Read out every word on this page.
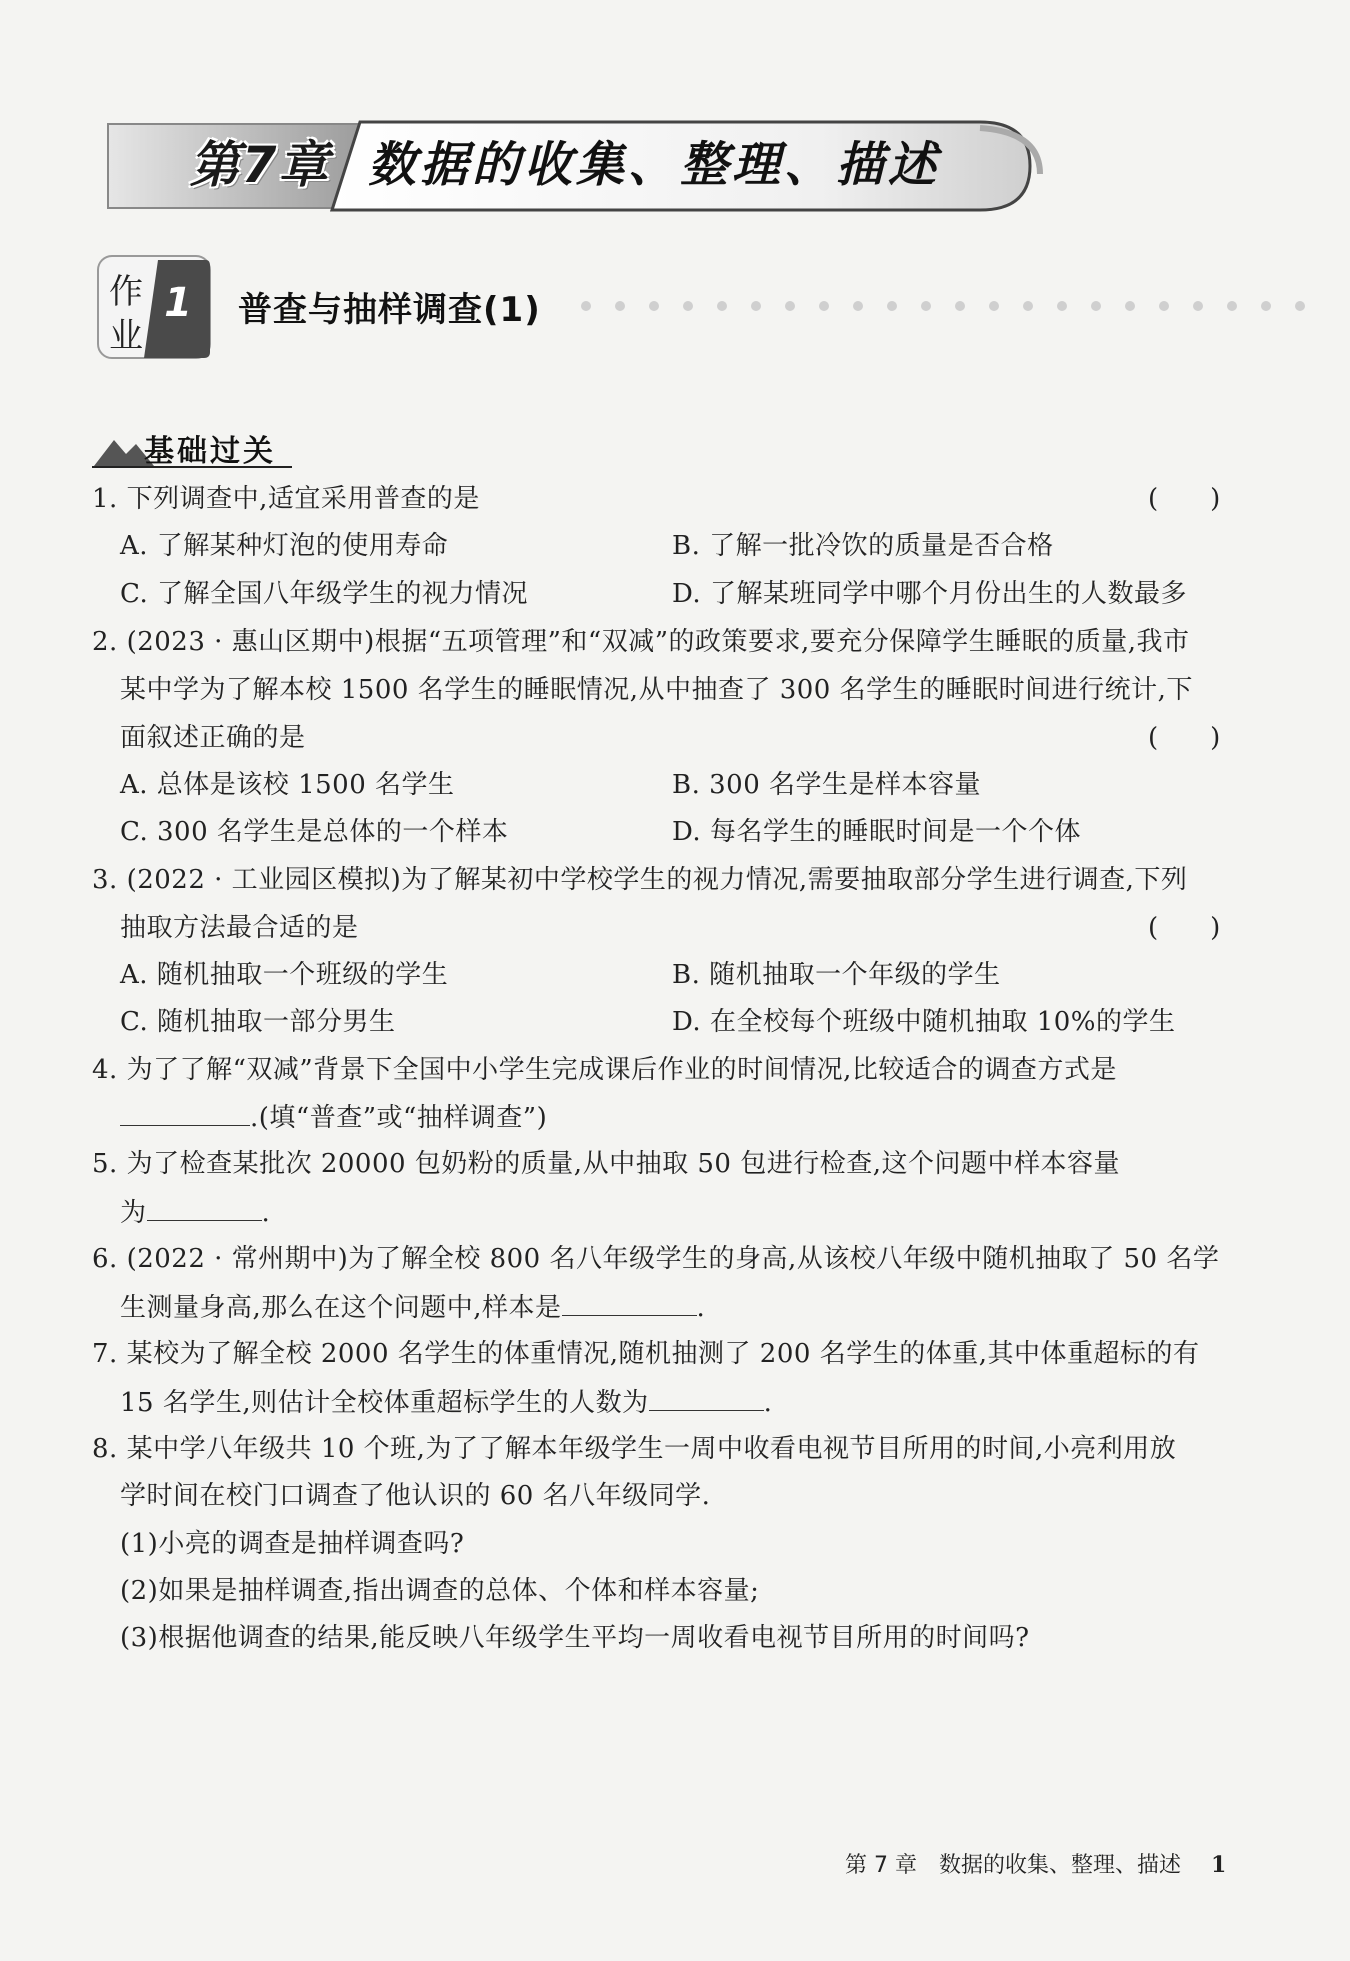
第7章 数据的收集、整理、描述
作
业
1 普查与抽样调查(1)
基础过关
1. 下列调查中,适宜采用普查的是	(　　)
A. 了解某种灯泡的使用寿命	B. 了解一批冷饮的质量是否合格
C. 了解全国八年级学生的视力情况	D. 了解某班同学中哪个月份出生的人数最多
2. (2023 · 惠山区期中)根据“五项管理”和“双减”的政策要求,要充分保障学生睡眠的质量,我市
某中学为了解本校 1500 名学生的睡眠情况,从中抽查了 300 名学生的睡眠时间进行统计,下
面叙述正确的是	(　　)
A. 总体是该校 1500 名学生	B. 300 名学生是样本容量
C. 300 名学生是总体的一个样本	D. 每名学生的睡眠时间是一个个体
3. (2022 · 工业园区模拟)为了解某初中学校学生的视力情况,需要抽取部分学生进行调查,下列
抽取方法最合适的是	(　　)
A. 随机抽取一个班级的学生	B. 随机抽取一个年级的学生
C. 随机抽取一部分男生	D. 在全校每个班级中随机抽取 10%的学生
4. 为了了解“双减”背景下全国中小学生完成课后作业的时间情况,比较适合的调查方式是
.(填“普查”或“抽样调查”)
5. 为了检查某批次 20000 包奶粉的质量,从中抽取 50 包进行检查,这个问题中样本容量
为	.
6. (2022 · 常州期中)为了解全校 800 名八年级学生的身高,从该校八年级中随机抽取了 50 名学
生测量身高,那么在这个问题中,样本是	.
7. 某校为了解全校 2000 名学生的体重情况,随机抽测了 200 名学生的体重,其中体重超标的有
15 名学生,则估计全校体重超标学生的人数为	.
8. 某中学八年级共 10 个班,为了了解本年级学生一周中收看电视节目所用的时间,小亮利用放
学时间在校门口调查了他认识的 60 名八年级同学.
(1)小亮的调查是抽样调查吗?
(2)如果是抽样调查,指出调查的总体、个体和样本容量;
(3)根据他调查的结果,能反映八年级学生平均一周收看电视节目所用的时间吗?
第 7 章　数据的收集、整理、描述 1
